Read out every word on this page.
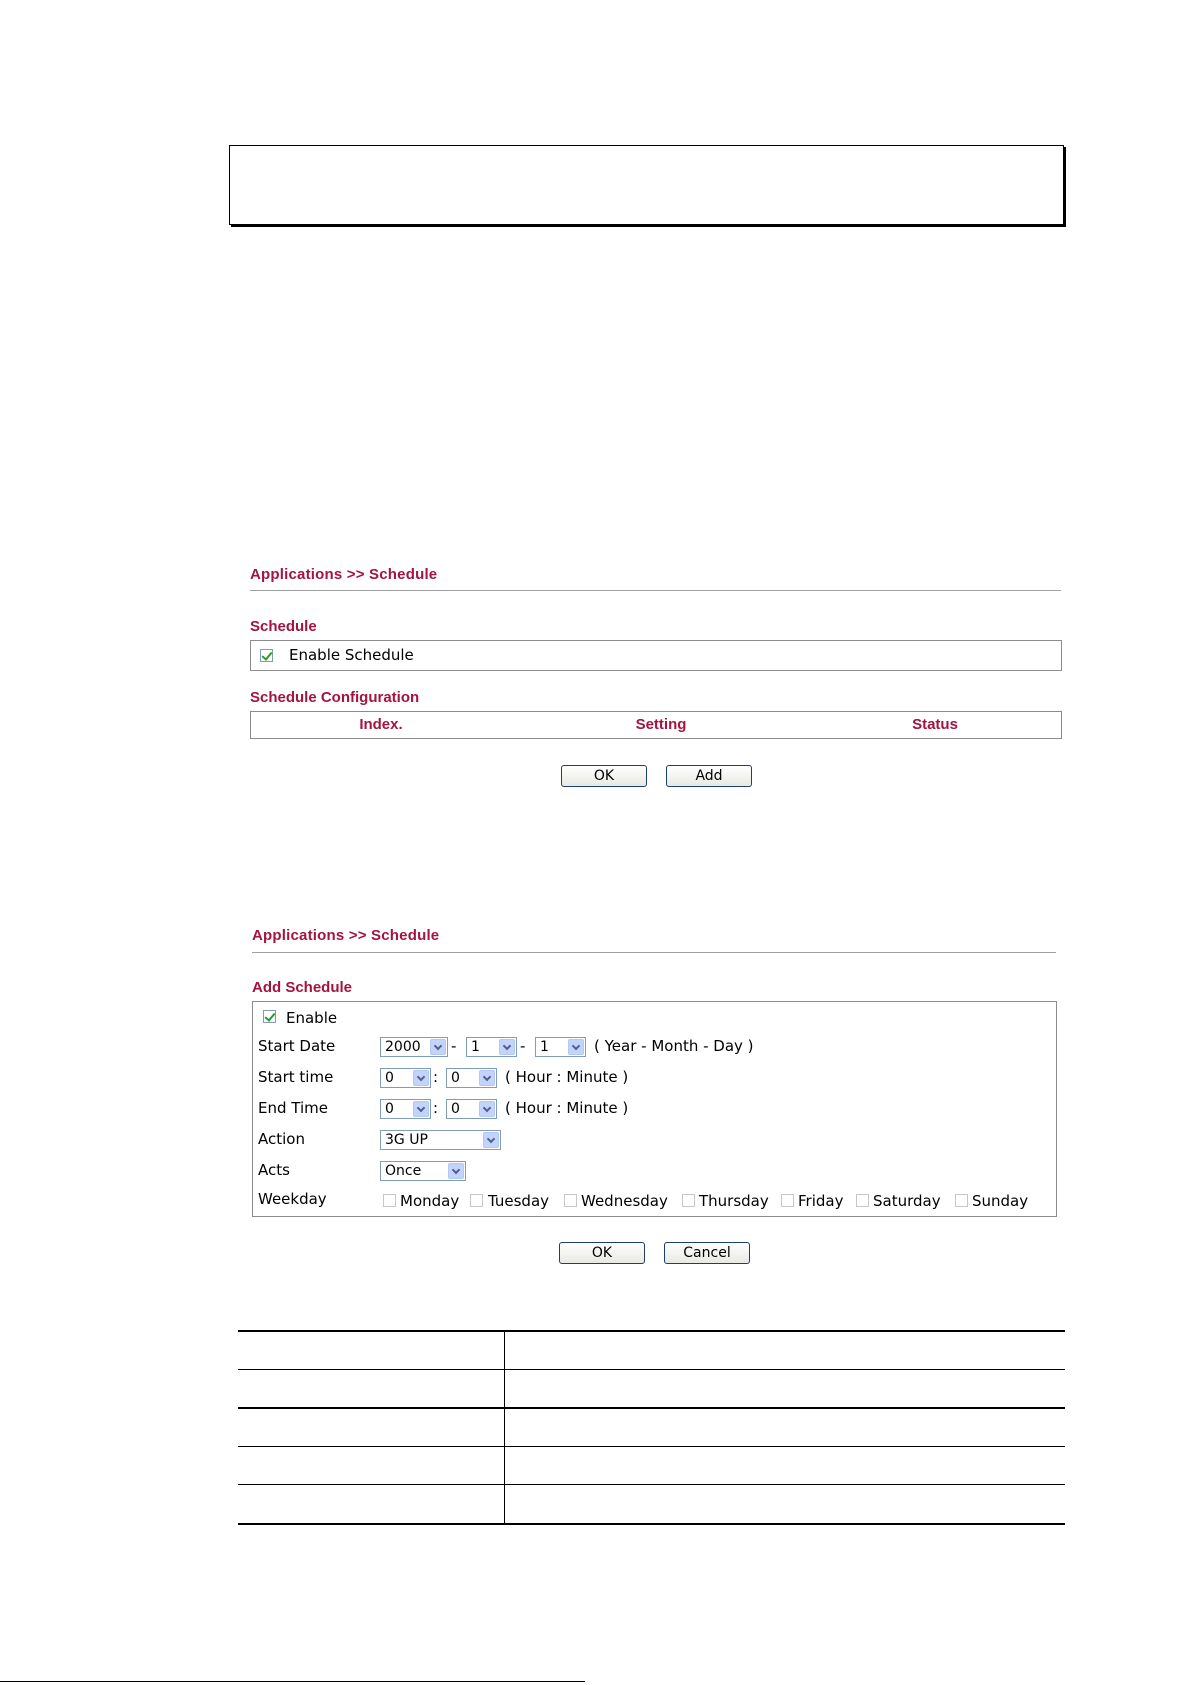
Applications >> Schedule
Schedule
Enable Schedule
Schedule Configuration
Index.	Setting	Status
OK	Add
Applications >> Schedule
Add Schedule
Enable
Start Date	2000	-	1	-	1	( Year - Month - Day )
Start time	0	: 0	( Hour : Minute )
End Time	0	: 0	( Hour : Minute )
Action	3G UP
Acts	Once
Weekday	Monday Tuesday Wednesday Thursday Friday Saturday Sunday
OK	Cancel
